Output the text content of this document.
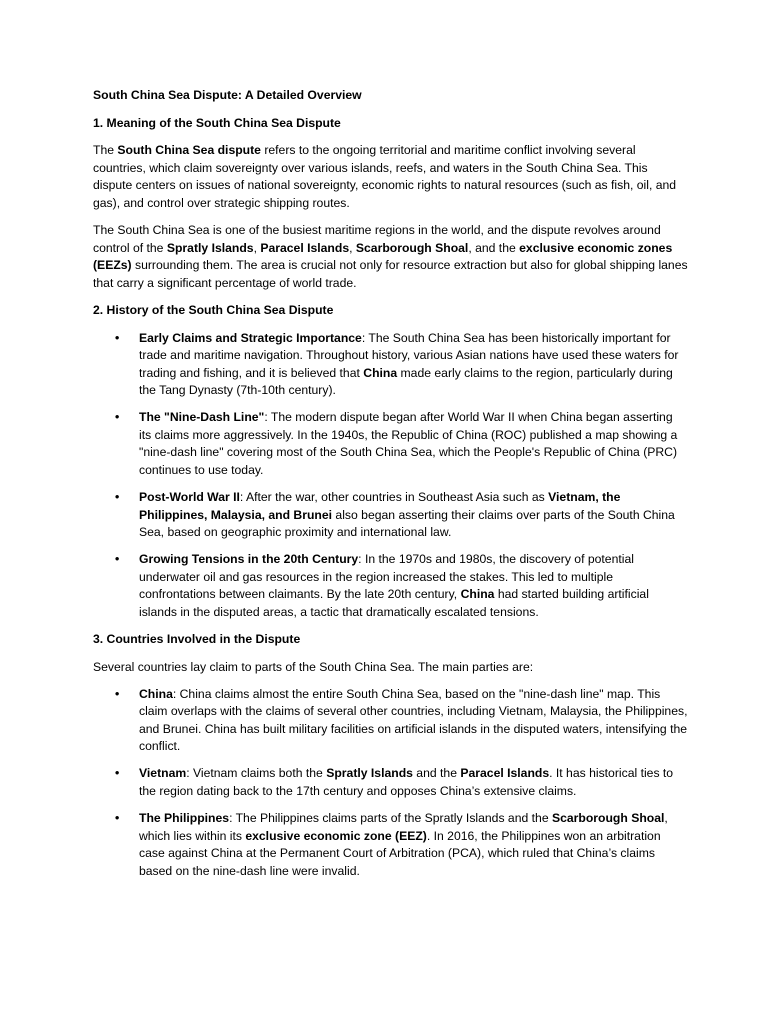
South China Sea Dispute: A Detailed Overview
1. Meaning of the South China Sea Dispute

The South China Sea dispute refers to the ongoing territorial and maritime conflict involving several countries, which claim sovereignty over various islands, reefs, and waters in the South China Sea. This dispute centers on issues of national sovereignty, economic rights to natural resources (such as fish, oil, and gas), and control over strategic shipping routes.

The South China Sea is one of the busiest maritime regions in the world, and the dispute revolves around control of the Spratly Islands, Paracel Islands, Scarborough Shoal, and the exclusive economic zones (EEZs) surrounding them. The area is crucial not only for resource extraction but also for global shipping lanes that carry a significant percentage of world trade.

2. History of the South China Sea Dispute
• Early Claims and Strategic Importance: The South China Sea has been historically important for trade and maritime navigation. Throughout history, various Asian nations have used these waters for trading and fishing, and it is believed that China made early claims to the region, particularly during the Tang Dynasty (7th-10th century).
• The "Nine-Dash Line": The modern dispute began after World War II when China began asserting its claims more aggressively. In the 1940s, the Republic of China (ROC) published a map showing a "nine-dash line" covering most of the South China Sea, which the People's Republic of China (PRC) continues to use today.
• Post-World War II: After the war, other countries in Southeast Asia such as Vietnam, the Philippines, Malaysia, and Brunei also began asserting their claims over parts of the South China Sea, based on geographic proximity and international law.
• Growing Tensions in the 20th Century: In the 1970s and 1980s, the discovery of potential underwater oil and gas resources in the region increased the stakes. This led to multiple confrontations between claimants. By the late 20th century, China had started building artificial islands in the disputed areas, a tactic that dramatically escalated tensions.
3. Countries Involved in the Dispute

Several countries lay claim to parts of the South China Sea. The main parties are:

• China: China claims almost the entire South China Sea, based on the "nine-dash line" map. This claim overlaps with the claims of several other countries, including Vietnam, Malaysia, the Philippines, and Brunei. China has built military facilities on artificial islands in the disputed waters, intensifying the conflict.
• Vietnam: Vietnam claims both the Spratly Islands and the Paracel Islands. It has historical ties to the region dating back to the 17th century and opposes China’s extensive claims.
• The Philippines: The Philippines claims parts of the Spratly Islands and the Scarborough Shoal, which lies within its exclusive economic zone (EEZ). In 2016, the Philippines won an arbitration case against China at the Permanent Court of Arbitration (PCA), which ruled that China’s claims based on the nine-dash line were invalid.
